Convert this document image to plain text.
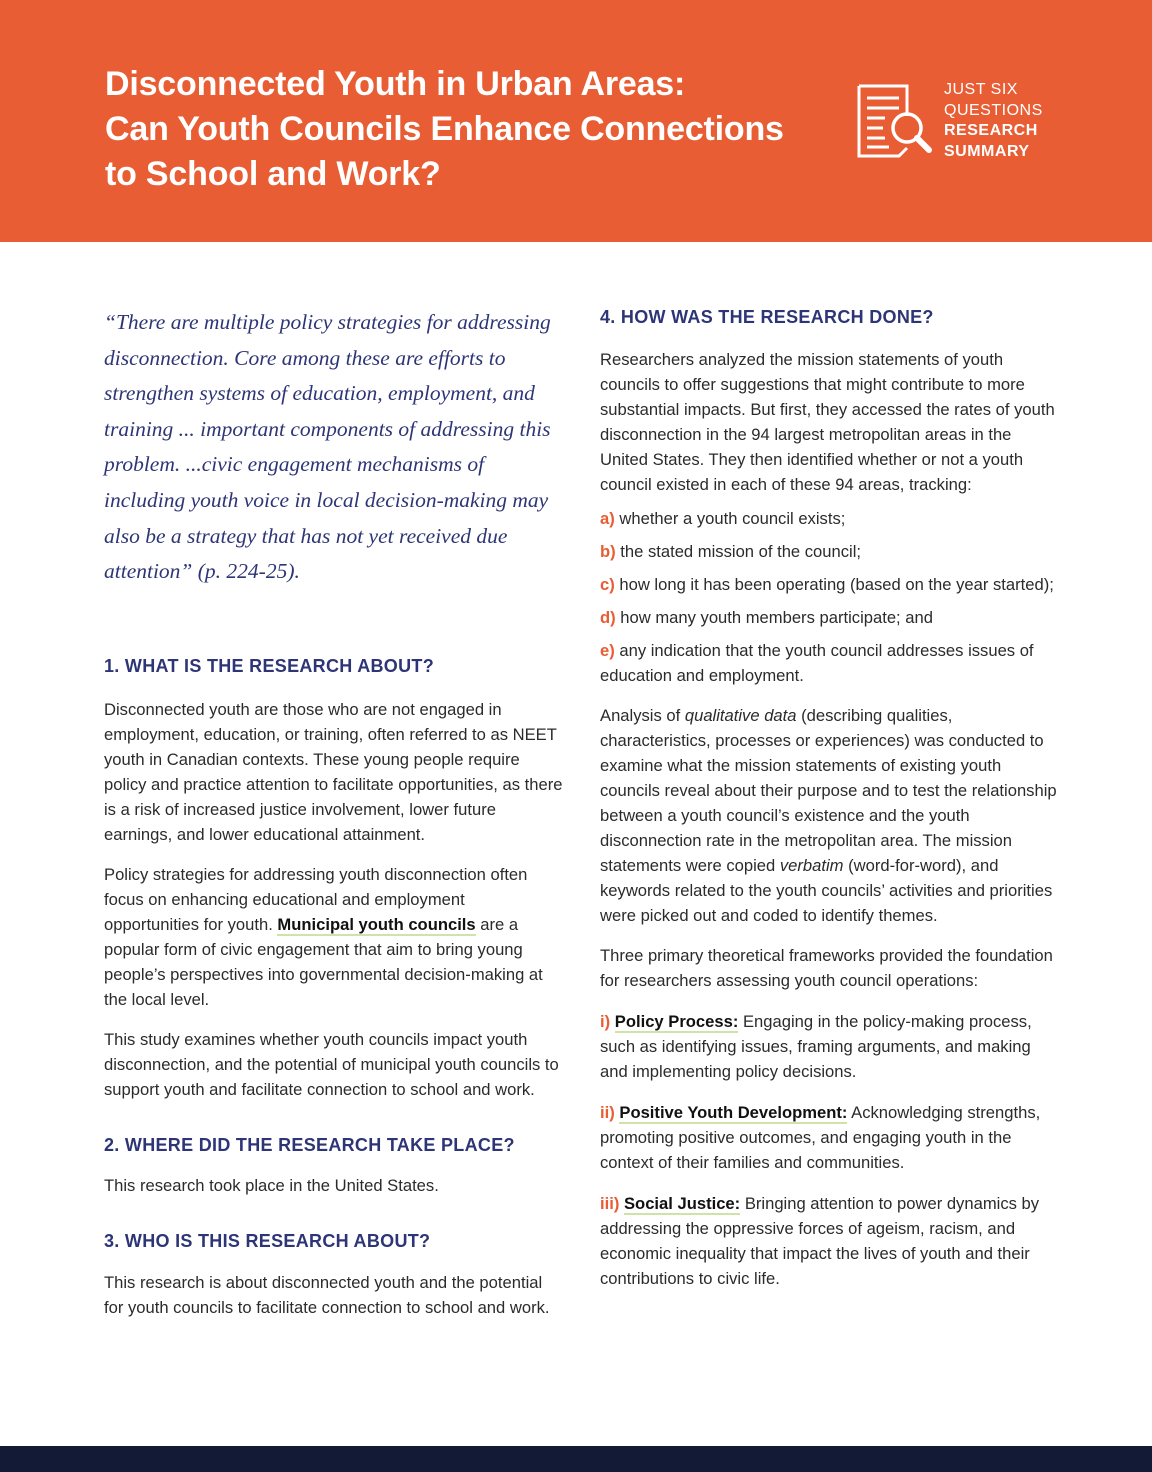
Disconnected Youth in Urban Areas:
Can Youth Councils Enhance Connections
to School and Work?
JUST SIX
QUESTIONS
RESEARCH
SUMMARY

“There are multiple policy strategies for addressing disconnection. Core among these are efforts to strengthen systems of education, employment, and training ... important components of addressing this problem. ...civic engagement mechanisms of including youth voice in local decision-making may also be a strategy that has not yet received due attention” (p. 224-25).

1. WHAT IS THE RESEARCH ABOUT?

Disconnected youth are those who are not engaged in employment, education, or training, often referred to as NEET youth in Canadian contexts. These young people require policy and practice attention to facilitate opportunities, as there is a risk of increased justice involvement, lower future earnings, and lower educational attainment.

Policy strategies for addressing youth disconnection often focus on enhancing educational and employment opportunities for youth. Municipal youth councils are a popular form of civic engagement that aim to bring young people’s perspectives into governmental decision-making at the local level.

This study examines whether youth councils impact youth disconnection, and the potential of municipal youth councils to support youth and facilitate connection to school and work.

2. WHERE DID THE RESEARCH TAKE PLACE?

This research took place in the United States.

3. WHO IS THIS RESEARCH ABOUT?

This research is about disconnected youth and the potential for youth councils to facilitate connection to school and work.

4. HOW WAS THE RESEARCH DONE?

Researchers analyzed the mission statements of youth councils to offer suggestions that might contribute to more substantial impacts. But first, they accessed the rates of youth disconnection in the 94 largest metropolitan areas in the United States. They then identified whether or not a youth council existed in each of these 94 areas, tracking:

a) whether a youth council exists;

b) the stated mission of the council;

c) how long it has been operating (based on the year started);

d) how many youth members participate; and

e) any indication that the youth council addresses issues of education and employment.

Analysis of qualitative data (describing qualities, characteristics, processes or experiences) was conducted to examine what the mission statements of existing youth councils reveal about their purpose and to test the relationship between a youth council’s existence and the youth disconnection rate in the metropolitan area. The mission statements were copied verbatim (word-for-word), and keywords related to the youth councils’ activities and priorities were picked out and coded to identify themes.

Three primary theoretical frameworks provided the foundation for researchers assessing youth council operations:

i) Policy Process: Engaging in the policy-making process, such as identifying issues, framing arguments, and making and implementing policy decisions.

ii) Positive Youth Development: Acknowledging strengths, promoting positive outcomes, and engaging youth in the context of their families and communities.

iii) Social Justice: Bringing attention to power dynamics by addressing the oppressive forces of ageism, racism, and economic inequality that impact the lives of youth and their contributions to civic life.
